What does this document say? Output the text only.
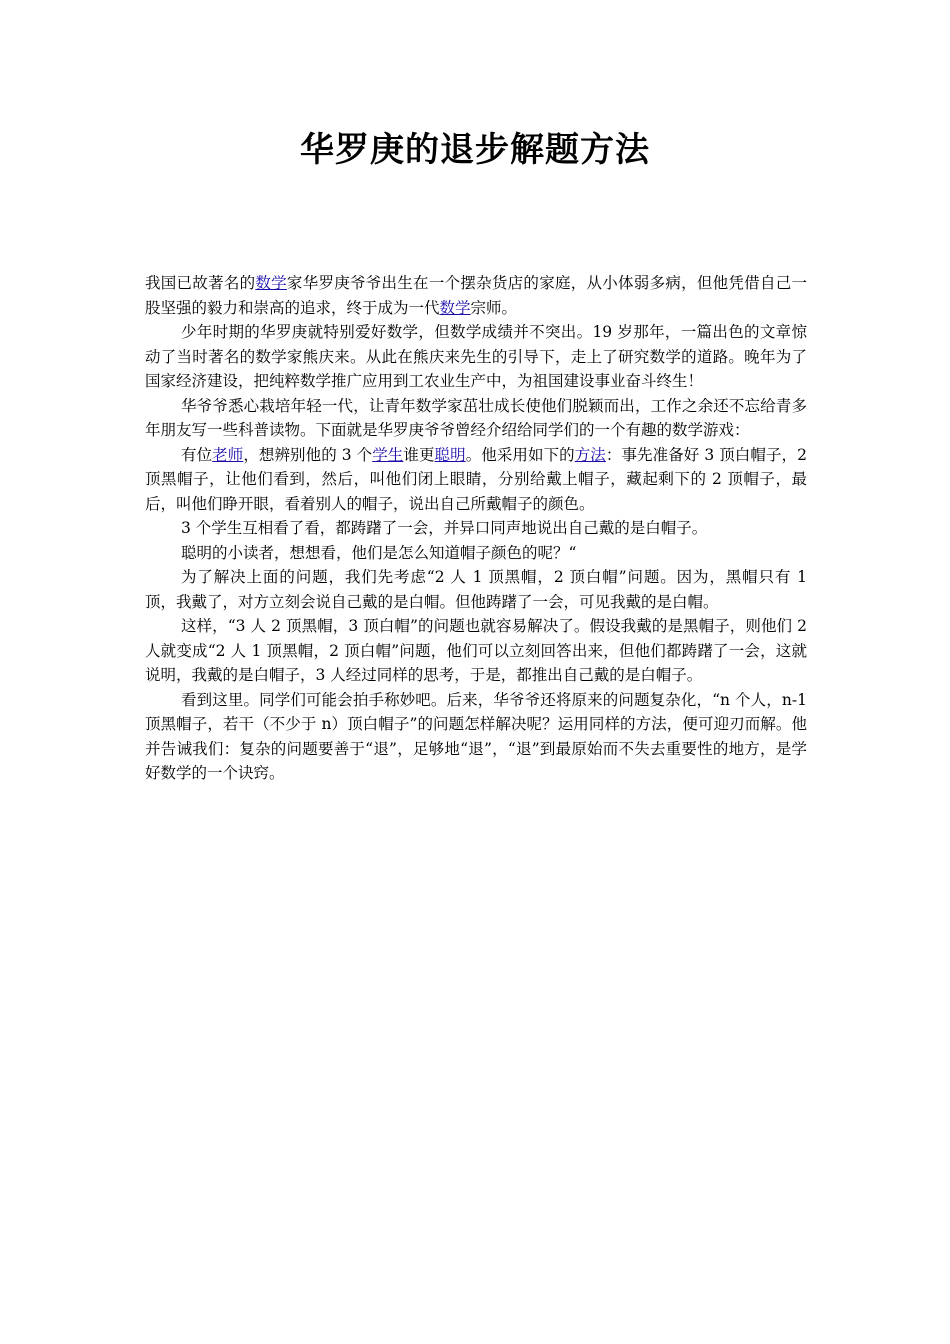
华罗庚的退步解题方法

我国已故著名的数学家华罗庚爷爷出生在一个摆杂货店的家庭，从小体弱多病，但他凭借自己一股坚强的毅力和崇高的追求，终于成为一代数学宗师。

少年时期的华罗庚就特别爱好数学，但数学成绩并不突出。19 岁那年，一篇出色的文章惊动了当时著名的数学家熊庆来。从此在熊庆来先生的引导下，走上了研究数学的道路。晚年为了国家经济建设，把纯粹数学推广应用到工农业生产中，为祖国建设事业奋斗终生！

华爷爷悉心栽培年轻一代，让青年数学家茁壮成长使他们脱颖而出，工作之余还不忘给青多年朋友写一些科普读物。下面就是华罗庚爷爷曾经介绍给同学们的一个有趣的数学游戏：

有位老师，想辨别他的 3 个学生谁更聪明。他采用如下的方法：事先准备好 3 顶白帽子，2 顶黑帽子，让他们看到，然后，叫他们闭上眼睛，分别给戴上帽子，藏起剩下的 2 顶帽子，最后，叫他们睁开眼，看着别人的帽子，说出自己所戴帽子的颜色。

3 个学生互相看了看，都踌躇了一会，并异口同声地说出自己戴的是白帽子。

聪明的小读者，想想看，他们是怎么知道帽子颜色的呢？“

为了解决上面的问题，我们先考虑“2 人 1 顶黑帽，2 顶白帽”问题。因为，黑帽只有 1 顶，我戴了，对方立刻会说自己戴的是白帽。但他踌躇了一会，可见我戴的是白帽。

这样，“3 人 2 顶黑帽，3 顶白帽”的问题也就容易解决了。假设我戴的是黑帽子，则他们 2 人就变成“2 人 1 顶黑帽，2 顶白帽”问题，他们可以立刻回答出来，但他们都踌躇了一会，这就说明，我戴的是白帽子，3 人经过同样的思考，于是，都推出自己戴的是白帽子。

看到这里。同学们可能会拍手称妙吧。后来，华爷爷还将原来的问题复杂化，“n 个人，n-1 顶黑帽子，若干（不少于 n）顶白帽子”的问题怎样解决呢？运用同样的方法，便可迎刃而解。他并告诫我们：复杂的问题要善于“退”，足够地“退”，“退”到最原始而不失去重要性的地方，是学好数学的一个诀窍。
